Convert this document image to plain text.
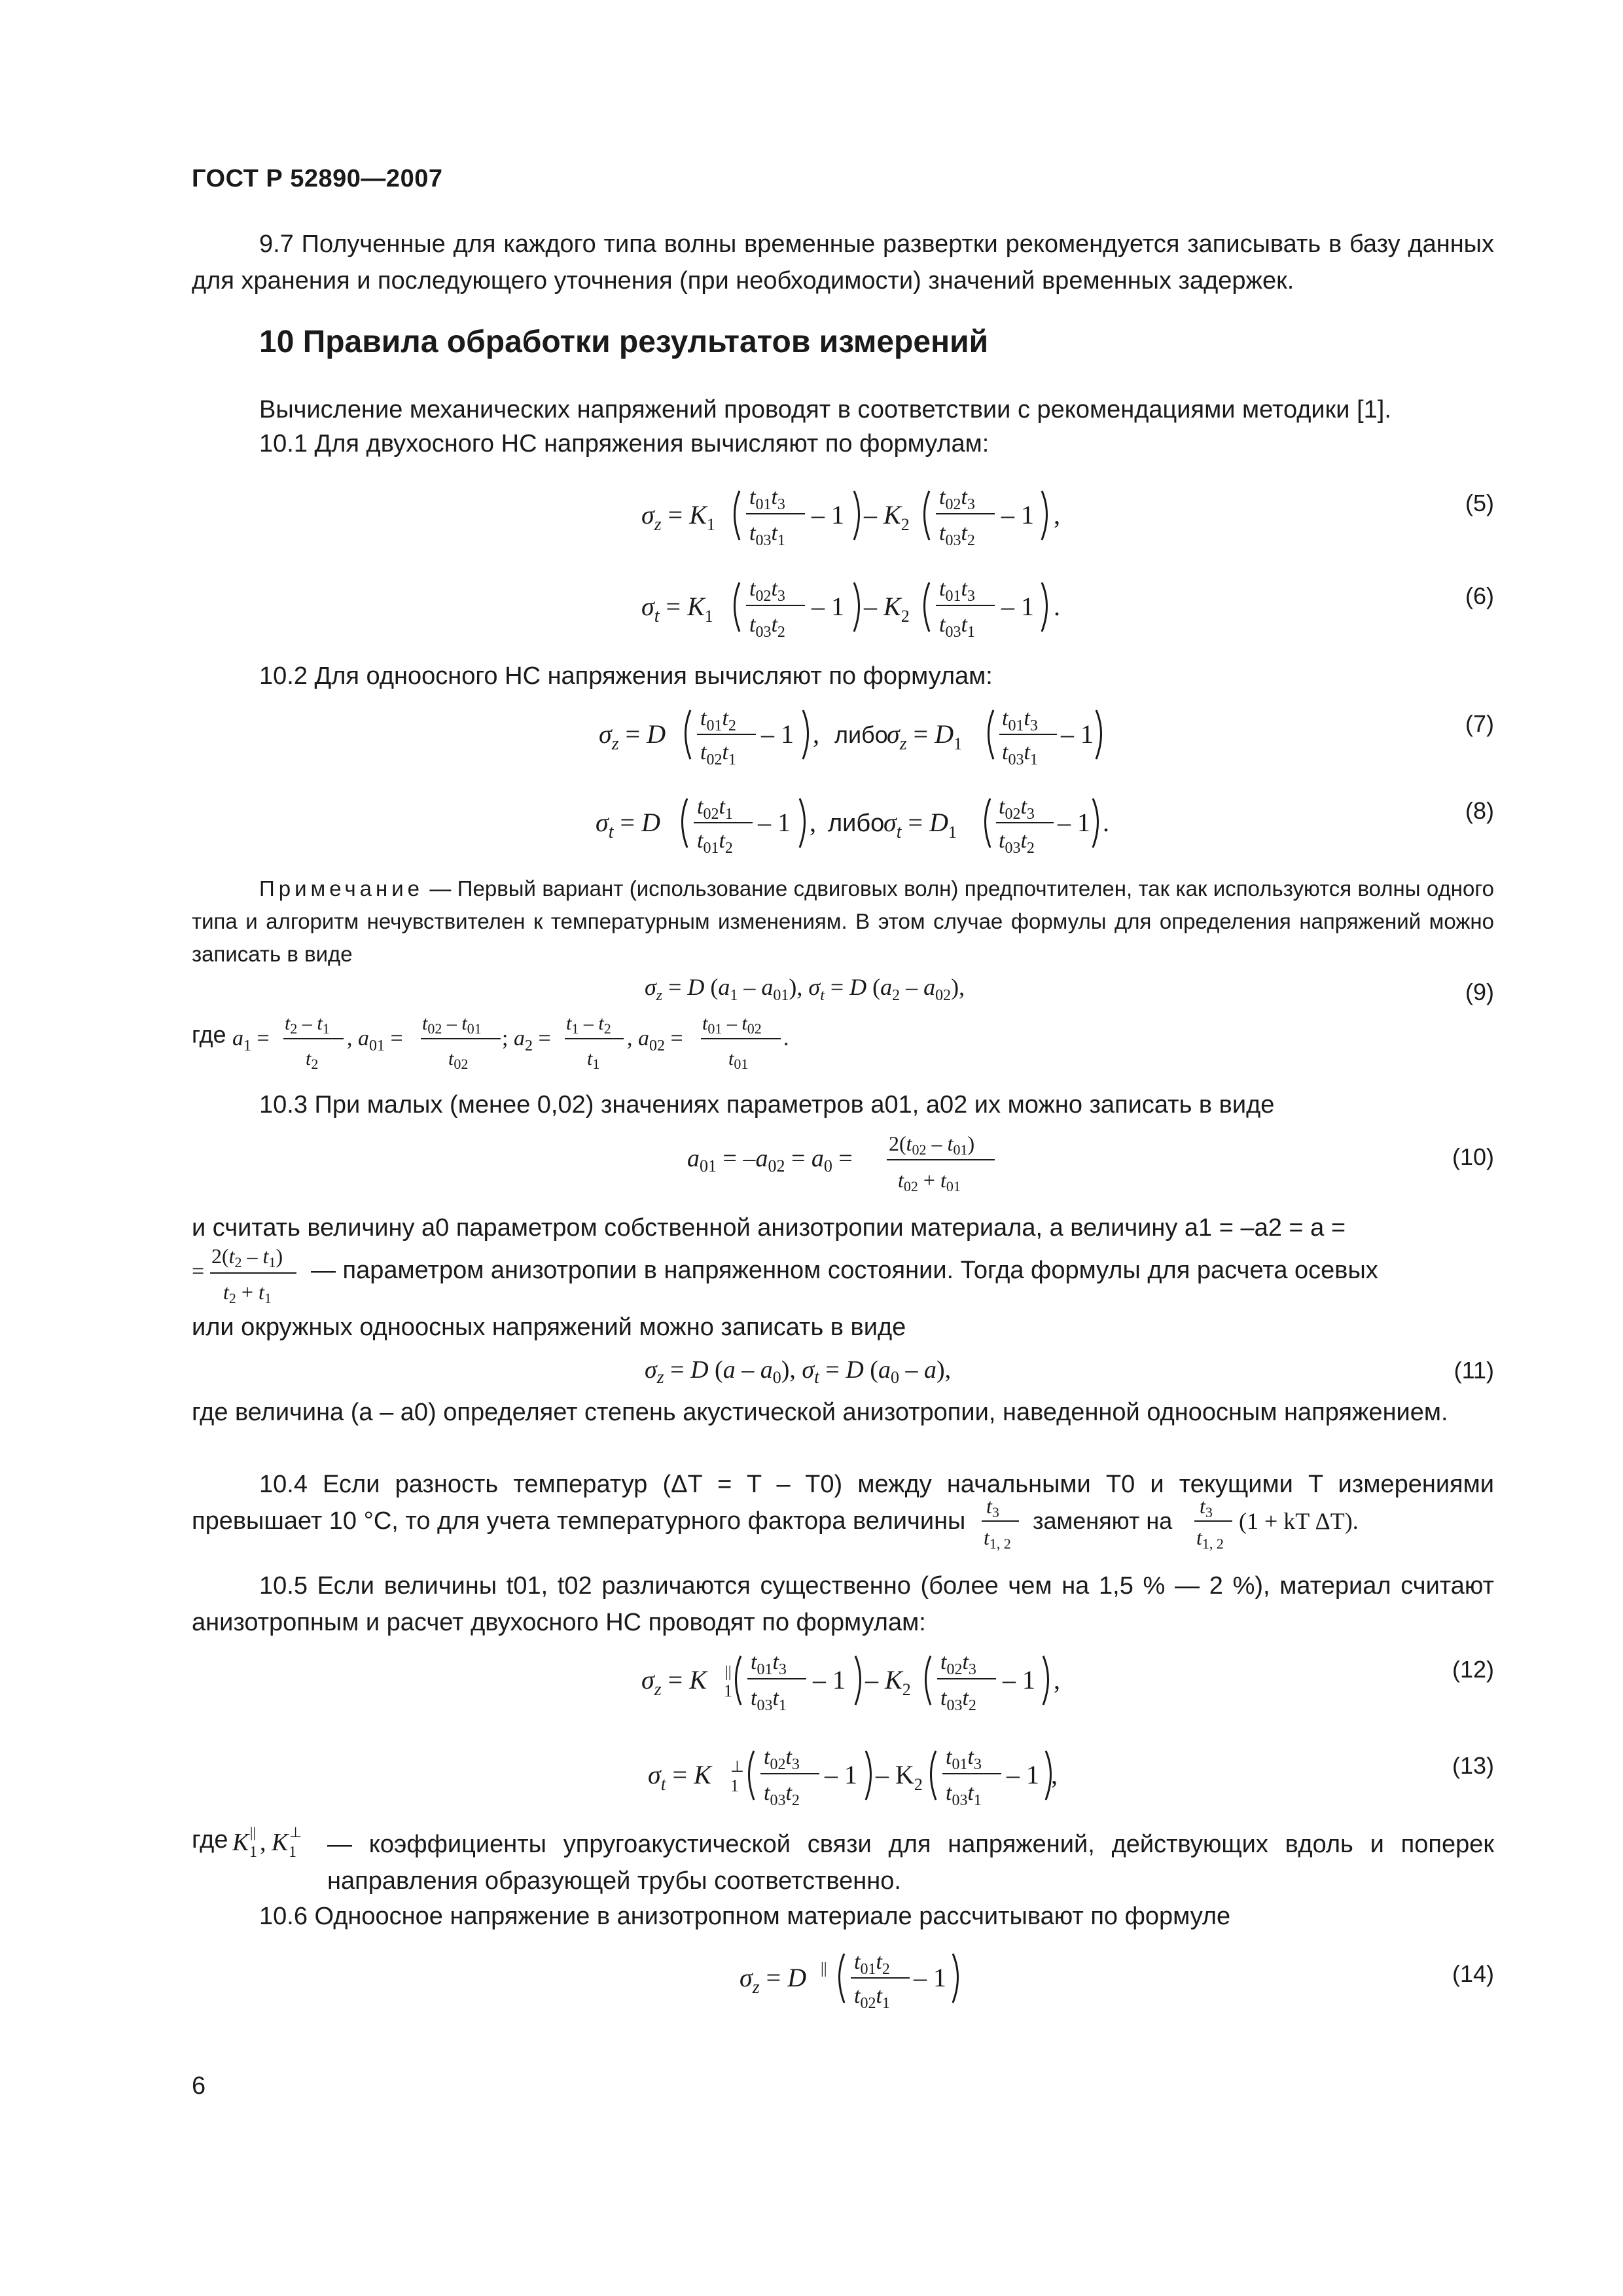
ГОСТ Р 52890—2007
9.7 Полученные для каждого типа волны временные развертки рекомендуется записывать в базу данных для хранения и последующего уточнения (при необходимости) значений временных задержек.
10 Правила обработки результатов измерений
Вычисление механических напряжений проводят в соответствии с рекомендациями методики [1].
10.1 Для двухосного НС напряжения вычисляют по формулам:
$\sigma_z = K_1$
$t_{01}t_3$
$t_{03}t_1$
– $1 - K_2$
$t_{02}t_3$
$t_{03}t_2$
– 1 ,	(5)
$\sigma_t = K_1$
$t_{02}t_3$
$t_{03}t_2$
– $1 - K_2$
$t_{01}t_3$
$t_{03}t_1$
– 1 .	(6)
10.2 Для одноосного НС напряжения вычисляют по формулам:
$\sigma_z = D$
$t_{01}t_2$
$t_{02}t_1$
– 1 , либо
$\sigma_z = D_1$
$t_{01}t_3$
$t_{03}t_1$
– 1	(7)
$\sigma_t = D$
$t_{02}t_1$
$t_{01}t_2$
– 1 , либо
$\sigma_t = D_1$
$t_{02}t_3$
$t_{03}t_2$
– 1 .	(8)
Примечание — Первый вариант (использование сдвиговых волн) предпочтителен, так как используются волны одного типа и алгоритм нечувствителен к температурным изменениям. В этом случае формулы для определения напряжений можно записать в виде
$\sigma_z = D$ $(a_1 - a_{01})$, $\sigma_t = D$ $(a_2 - a_{02})$,	(9)
где $a_1$ =
$t_2 - t_1$
$t_2$
, $a_{01}$ =
$t_{02} - t_{01}$
$t_{02}$
; $a_2$ =
$t_1 - t_2$
$t_1$
, $a_{02}$ =
$t_{01} - t_{02}$
$t_{01}$
.
10.3 При малых (менее 0,02) значениях параметров a01, a02 их можно записать в виде
$a_{01} = -a_{02} = a_0$ =
2(t02 – t01)
t02 + t01
(10)
и считать величину a0 параметром собственной анизотропии материала, а величину a1 = –a2 = a =
=
2(t2 – t1)
t2 + t1
— параметром анизотропии в напряженном состоянии. Тогда формулы для расчета осевых
или окружных одноосных напряжений можно записать в виде
$\sigma_z = D$ $(a - a_0)$, $\sigma_t = D$ $(a_0 - a)$,	(11)
где величина (a – a0) определяет степень акустической анизотропии, наведенной одноосным напряжением.
10.4 Если разность температур (ΔT = T – T0) между начальными T0 и текущими T измерениями превышает 10 °С, то для учета температурного фактора величины
t3
t1, 2
заменяют на
t3
t1, 2
(1 + kT ΔT).
10.5 Если величины t01, t02 различаются существенно (более чем на 1,5 % — 2 %), материал считают анизотропным и расчет двухосного НС проводят по формулам:
$\sigma_z = K$ ||
1
$t_{01}t_3$
$t_{03}t_1$
– $1 - K_2$
$t_{02}t_3$
$t_{03}t_2$
– 1 ,	(12)
$\sigma_t = K$ ⊥
1
$t_{02}t_3$
$t_{03}t_2$
– $1 - K_2$
$t_{01}t_3$
$t_{03}t_1$
– 1 ,	(13)
где K ||
1 , K ⊥
1 — коэффициенты упругоакустической связи для напряжений, действующих вдоль и поперек направления образующей трубы соответственно.
10.6 Одноосное напряжение в анизотропном материале рассчитывают по формуле
$\sigma_z = D$ || $t_{01}t_2$
$t_{02}t_1$
– 1	(14)
6
